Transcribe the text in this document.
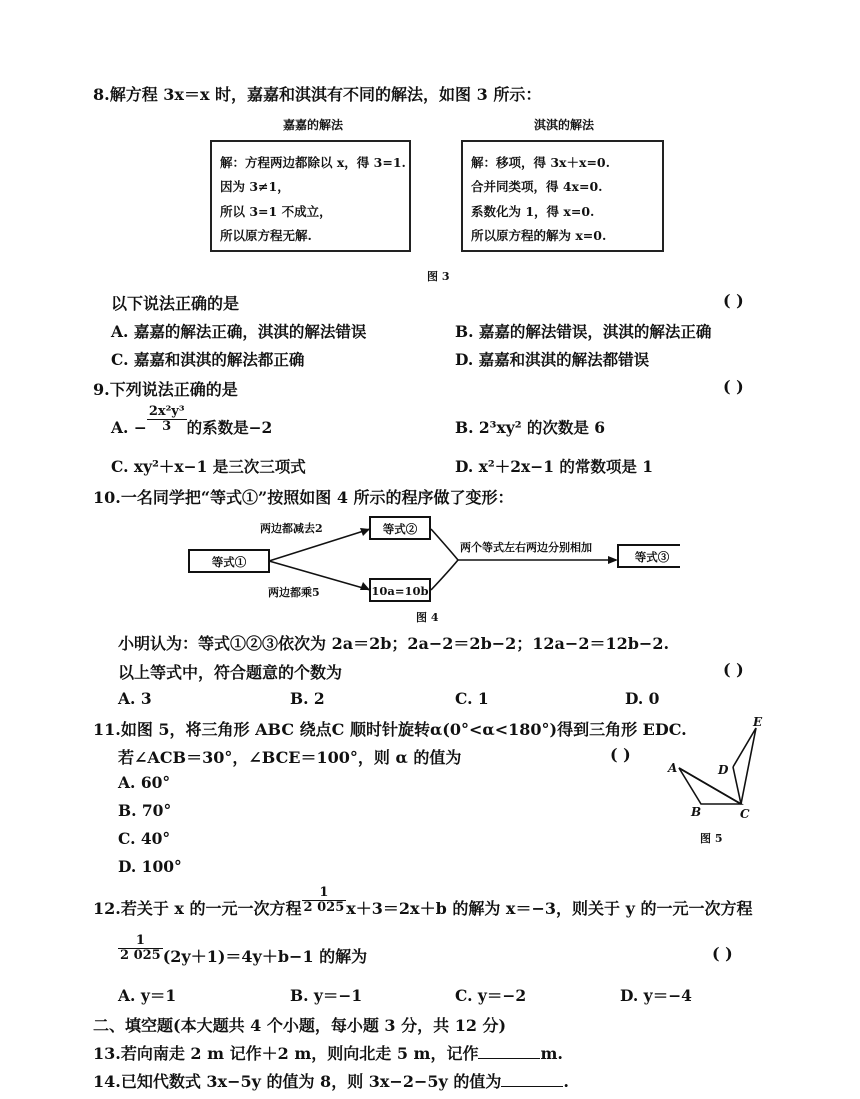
8.解方程 3x＝x 时，嘉嘉和淇淇有不同的解法，如图 3 所示：
嘉嘉的解法	淇淇的解法
解：方程两边都除以 x，得 3=1.
因为 3≠1，
所以 3=1 不成立，
所以原方程无解.
解：移项，得 3x＋x=0.
合并同类项，得 4x=0.
系数化为 1，得 x=0.
所以原方程的解为 x=0.
图 3
以下说法正确的是	( )
A. 嘉嘉的解法正确，淇淇的解法错误	B. 嘉嘉的解法错误，淇淇的解法正确
C. 嘉嘉和淇淇的解法都正确	D. 嘉嘉和淇淇的解法都错误
9.下列说法正确的是	( )
A. − $\frac{\text{2x²y³}}{3}$ 的系数是−2	B. 2³xy² 的次数是 6
C. xy²＋x−1 是三次三项式	D. x²＋2x−1 的常数项是 1
10.一名同学把“等式①”按照如图 4 所示的程序做了变形：
等式①
等式②
10a=10b
等式③
两边都减去2
两边都乘5
两个等式左右两边分别相加
图 4
小明认为：等式①②③依次为 2a＝2b；2a−2＝2b−2；12a−2＝12b−2.
以上等式中，符合题意的个数为	( )
A. 3	B. 2	C. 1	D. 0
11.如图 5，将三角形 ABC 绕点C 顺时针旋转α(0°<α<180°)得到三角形 EDC.
若∠ACB＝30°，∠BCE＝100°，则 α 的值为	( )
A. 60°
B. 70°
C. 40°
D. 100°
E
D
A
B	C
图 5
12.若关于 x 的一元一次方程 $\frac{1}{2 025} x+3=2x+b$ 的解为 x＝−3，则关于 y 的一元一次方程
$\frac{1}{2 025} (2y+1)=4y+b-1$ 的解为	( )
A. y＝1	B. y＝−1	C. y＝−2	D. y＝−4
二、填空题(本大题共 4 个小题，每小题 3 分，共 12 分)
13.若向南走 2 m 记作＋2 m，则向北走 5 m，记作	m.
14.已知代数式 3x−5y 的值为 8，则 3x−2−5y 的值为	.
